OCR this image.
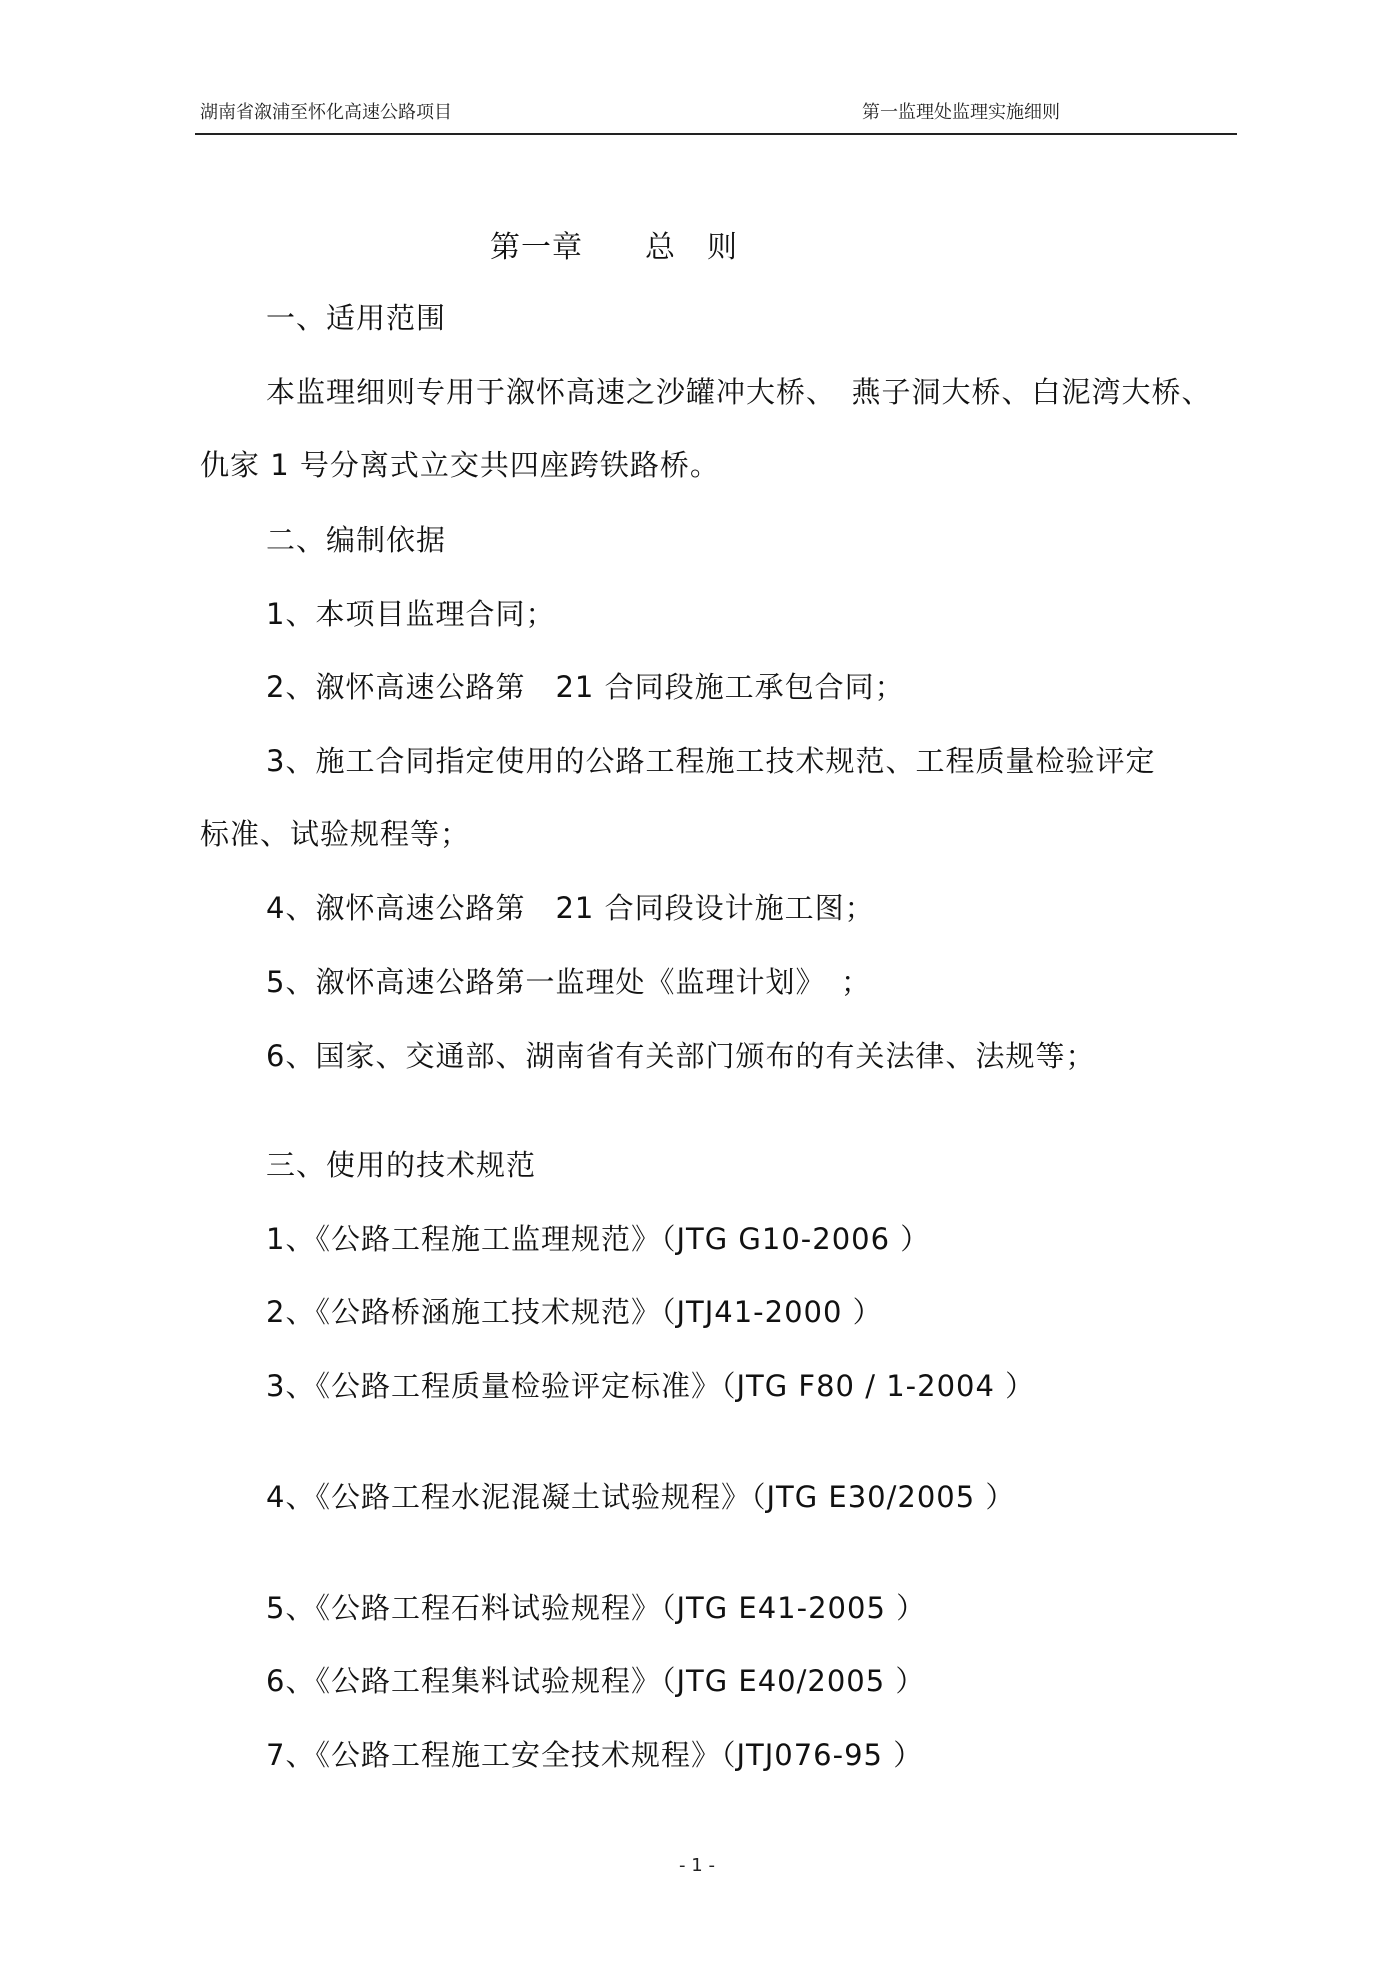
湖南省溆浦至怀化高速公路项目	第一监理处监理实施细则
第一章　　总　则
一、适用范围
本监理细则专用于溆怀高速之沙罐冲大桥、　燕子洞大桥、白泥湾大桥、
仇家 1 号分离式立交共四座跨铁路桥。
二、编制依据
1、本项目监理合同；
2、溆怀高速公路第　21 合同段施工承包合同；
3、施工合同指定使用的公路工程施工技术规范、工程质量检验评定
标准、试验规程等；
4、溆怀高速公路第　21 合同段设计施工图；
5、溆怀高速公路第一监理处《监理计划》　；
6、国家、交通部、湖南省有关部门颁布的有关法律、法规等；
三、使用的技术规范
1、《公路工程施工监理规范》（JTG G10-2006 ）
2、《公路桥涵施工技术规范》（JTJ41-2000 ）
3、《公路工程质量检验评定标准》（JTG F80 / 1-2004 ）
4、《公路工程水泥混凝土试验规程》（JTG E30/2005 ）
5、《公路工程石料试验规程》（JTG E41-2005 ）
6、《公路工程集料试验规程》（JTG E40/2005 ）
7、《公路工程施工安全技术规程》（JTJ076-95 ）
- 1 -
